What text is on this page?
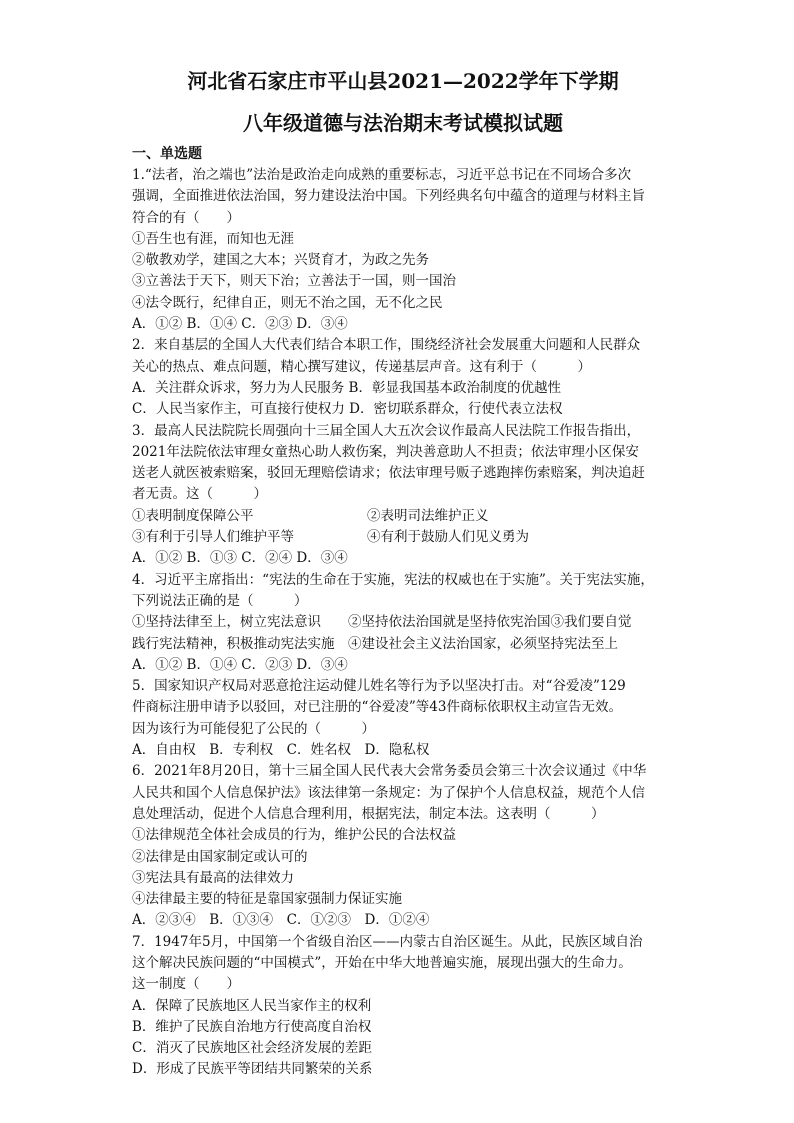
河北省石家庄市平山县2021—2022学年下学期
八年级道德与法治期末考试模拟试题
一、单选题
1.“法者，治之端也”法治是政治走向成熟的重要标志，习近平总书记在不同场合多次
强调，全面推进依法治国，努力建设法治中国。下列经典名句中蕴含的道理与材料主旨
符合的有（　　）
①吾生也有涯，而知也无涯
②敬教劝学，建国之大本；兴贤育才，为政之先务
③立善法于天下，则天下治；立善法于一国，则一国治
④法令既行，纪律自正，则无不治之国，无不化之民
A．①② B．①④ C．②③ D．③④
2．来自基层的全国人大代表们结合本职工作，围绕经济社会发展重大问题和人民群众
关心的热点、难点问题，精心撰写建议，传递基层声音。这有利于（　　　）
A．关注群众诉求，努力为人民服务 B．彰显我国基本政治制度的优越性
C．人民当家作主，可直接行使权力 D．密切联系群众，行使代表立法权
3．最高人民法院院长周强向十三届全国人大五次会议作最高人民法院工作报告指出，
2021年法院依法审理女童热心助人救伤案，判决善意助人不担责；依法审理小区保安
送老人就医被索赔案，驳回无理赔偿请求；依法审理号贩子逃跑摔伤索赔案，判决追赶
者无责。这（　　　）
①表明制度保障公平	②表明司法维护正义
③有利于引导人们维护平等	④有利于鼓励人们见义勇为
A．①② B．①③ C．②④ D．③④
4．习近平主席指出：“宪法的生命在于实施，宪法的权威也在于实施”。关于宪法实施，
下列说法正确的是（　　　）
①坚持法律至上，树立宪法意识　　②坚持依法治国就是坚持依宪治国③我们要自觉
践行宪法精神，积极推动宪法实施　④建设社会主义法治国家，必须坚持宪法至上
A．①② B．①④ C．②③ D．③④
5．国家知识产权局对恶意抢注运动健儿姓名等行为予以坚决打击。对“谷爱凌”129
件商标注册申请予以驳回，对已注册的“谷爱凌”等43件商标依职权主动宣告无效。
因为该行为可能侵犯了公民的（　　　）
A．自由权　B．专利权　C．姓名权　D．隐私权
6．2021年8月20日，第十三届全国人民代表大会常务委员会第三十次会议通过《中华
人民共和国个人信息保护法》该法律第一条规定：为了保护个人信息权益，规范个人信
息处理活动，促进个人信息合理利用，根据宪法，制定本法。这表明（　　　）
①法律规范全体社会成员的行为，维护公民的合法权益
②法律是由国家制定或认可的
③宪法具有最高的法律效力
④法律最主要的特征是靠国家强制力保证实施
A．②③④　B．①③④　C．①②③　D．①②④
7．1947年5月，中国第一个省级自治区——内蒙古自治区诞生。从此，民族区域自治
这个解决民族问题的“中国模式”，开始在中华大地普遍实施，展现出强大的生命力。
这一制度（　　）
A．保障了民族地区人民当家作主的权利
B．维护了民族自治地方行使高度自治权
C．消灭了民族地区社会经济发展的差距
D．形成了民族平等团结共同繁荣的关系
